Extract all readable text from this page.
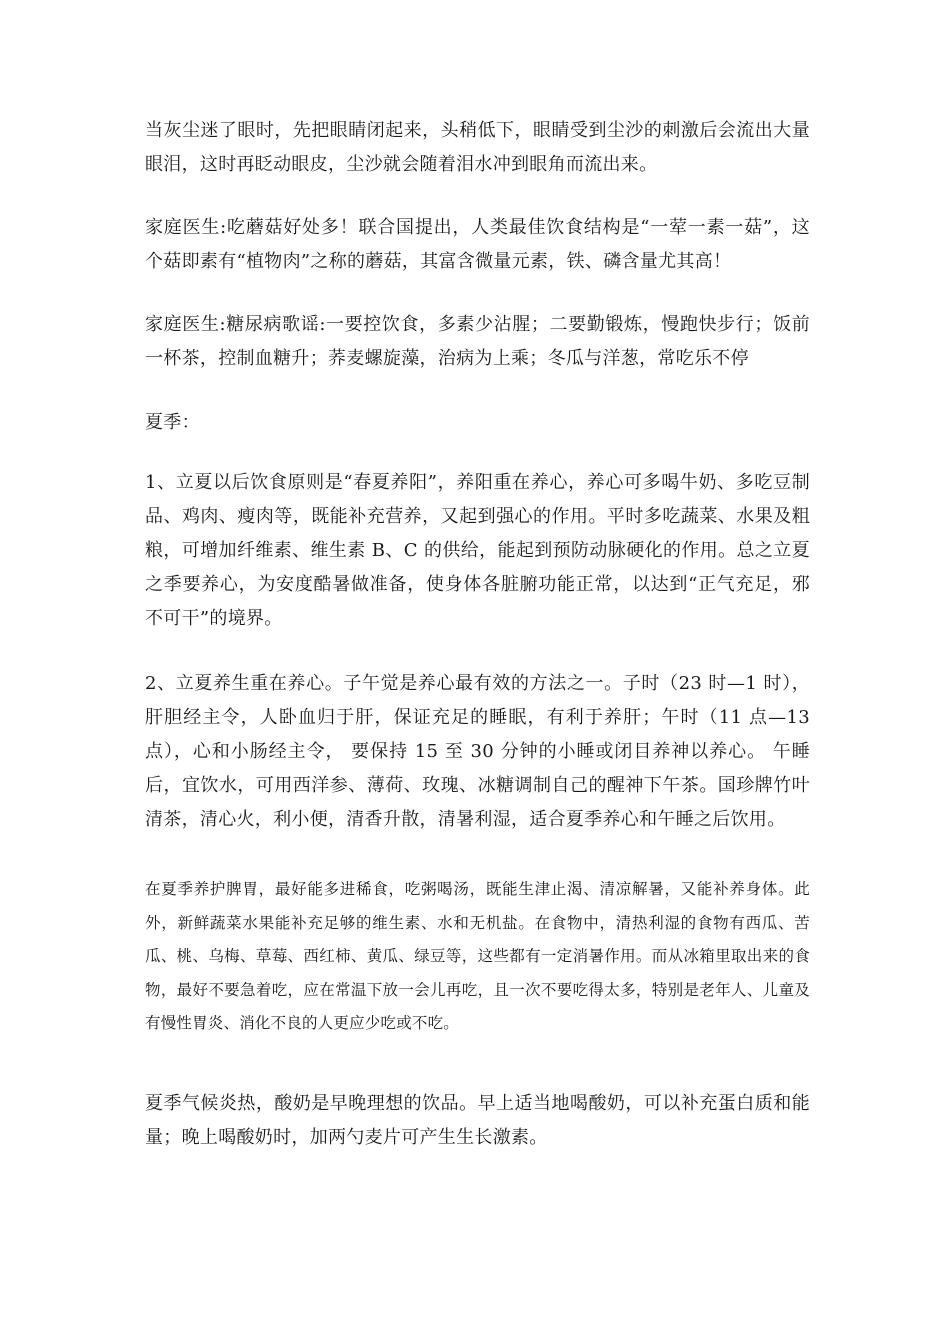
当灰尘迷了眼时，先把眼睛闭起来，头稍低下，眼睛受到尘沙的刺激后会流出大量眼泪，这时再眨动眼皮，尘沙就会随着泪水冲到眼角而流出来。

家庭医生:吃蘑菇好处多！联合国提出，人类最佳饮食结构是“一荤一素一菇”，这个菇即素有“植物肉”之称的蘑菇，其富含微量元素，铁、磷含量尤其高！

家庭医生:糖尿病歌谣:一要控饮食，多素少沾腥；二要勤锻炼，慢跑快步行；饭前一杯茶，控制血糖升；荞麦螺旋藻，治病为上乘；冬瓜与洋葱，常吃乐不停

夏季：

1、立夏以后饮食原则是“春夏养阳”，养阳重在养心，养心可多喝牛奶、多吃豆制品、鸡肉、瘦肉等，既能补充营养，又起到强心的作用。平时多吃蔬菜、水果及粗粮，可增加纤维素、维生素 B、C 的供给，能起到预防动脉硬化的作用。总之立夏之季要养心，为安度酷暑做准备，使身体各脏腑功能正常，以达到“正气充足，邪不可干”的境界。

2、立夏养生重在养心。子午觉是养心最有效的方法之一。子时（23 时—1 时），肝胆经主令，人卧血归于肝，保证充足的睡眠，有利于养肝；午时（11 点—13 点），心和小肠经主令， 要保持 15 至 30 分钟的小睡或闭目养神以养心。 午睡后，宜饮水，可用西洋参、薄荷、玫瑰、冰糖调制自己的醒神下午茶。国珍牌竹叶清茶，清心火，利小便，清香升散，清暑利湿，适合夏季养心和午睡之后饮用。

在夏季养护脾胃，最好能多进稀食，吃粥喝汤，既能生津止渴、清凉解暑，又能补养身体。此外，新鲜蔬菜水果能补充足够的维生素、水和无机盐。在食物中，清热利湿的食物有西瓜、苦瓜、桃、乌梅、草莓、西红柿、黄瓜、绿豆等，这些都有一定消暑作用。而从冰箱里取出来的食物，最好不要急着吃，应在常温下放一会儿再吃，且一次不要吃得太多，特别是老年人、儿童及有慢性胃炎、消化不良的人更应少吃或不吃。

夏季气候炎热，酸奶是早晚理想的饮品。早上适当地喝酸奶，可以补充蛋白质和能量；晚上喝酸奶时，加两勺麦片可产生生长激素。
